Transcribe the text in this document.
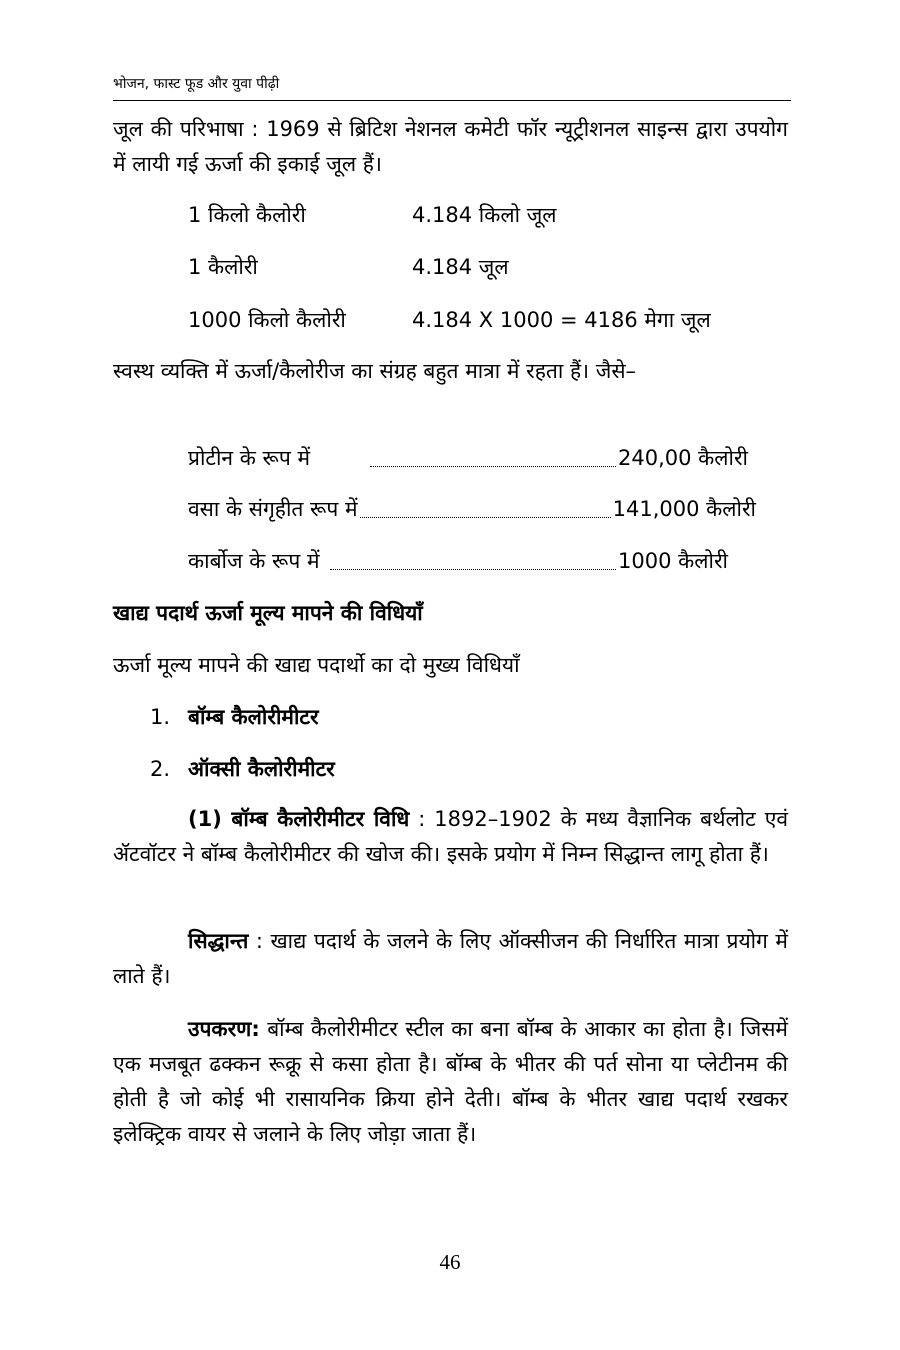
भोजन, फास्ट फूड और युवा पीढ़ी
जूल की परिभाषा : 1969 से ब्रिटिश नेशनल कमेटी फॉर न्यूट्रीशनल साइन्स द्वारा उपयोग में लायी गई ऊर्जा की इकाई जूल हैं।
1 किलो कैलोरी	4.184 किलो जूल
1 कैलोरी	4.184 जूल
1000 किलो कैलोरी	4.184 X 1000 = 4186 मेगा जूल
स्वस्थ व्यक्ति में ऊर्जा/कैलोरीज का संग्रह बहुत मात्रा में रहता हैं। जैसे–
प्रोटीन के रूप में	240,00 कैलोरी
वसा के संगृहीत रूप में	141,000 कैलोरी
कार्बोज के रूप में	1000 कैलोरी
खाद्य पदार्थ ऊर्जा मूल्य मापने की विधियाँ
ऊर्जा मूल्य मापने की खाद्य पदार्थो का दो मुख्य विधियाँ
1. बॉम्ब कैलोरीमीटर
2. ऑक्सी कैलोरीमीटर
(1) बॉम्ब कैलोरीमीटर विधि : 1892–1902 के मध्य वैज्ञानिक बर्थलोट एवं ॲटवॉटर ने बॉम्ब कैलोरीमीटर की खोज की। इसके प्रयोग में निम्न सिद्धान्त लागू होता हैं।
सिद्धान्त : खाद्य पदार्थ के जलने के लिए ऑक्सीजन की निर्धारित मात्रा प्रयोग में लाते हैं।
उपकरण: बॉम्ब कैलोरीमीटर स्टील का बना बॉम्ब के आकार का होता है। जिसमें एक मजबूत ढक्कन रूक्रू से कसा होता है। बॉम्ब के भीतर की पर्त सोना या प्लेटीनम की होती है जो कोई भी रासायनिक क्रिया होने देती। बॉम्ब के भीतर खाद्य पदार्थ रखकर इलेक्ट्रिक वायर से जलाने के लिए जोड़ा जाता हैं।
46
